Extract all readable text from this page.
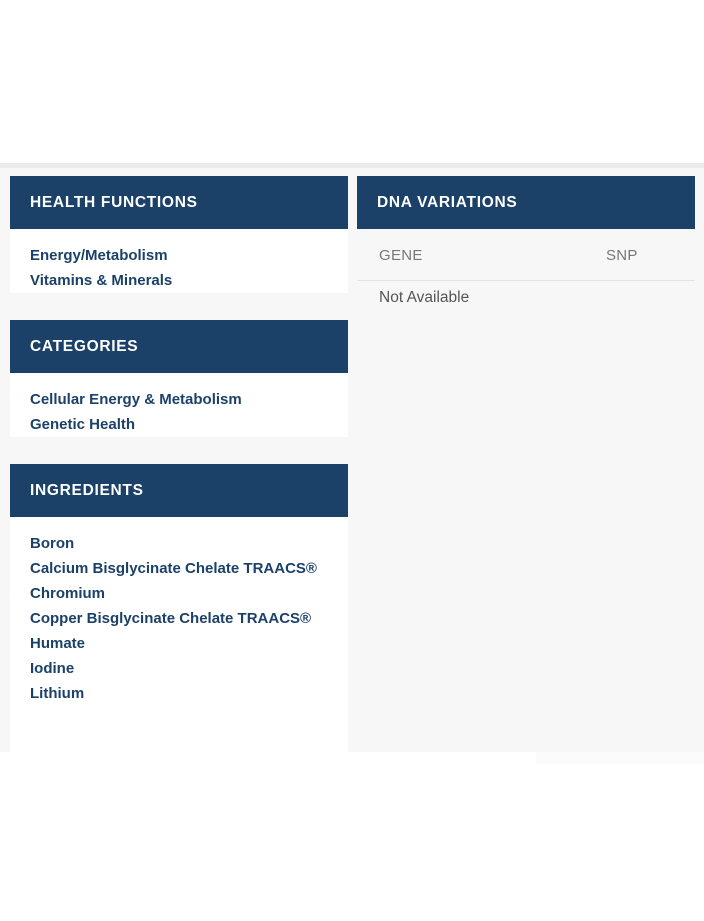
HEALTH FUNCTIONS
Energy/Metabolism
Vitamins & Minerals
CATEGORIES
Cellular Energy & Metabolism
Genetic Health
INGREDIENTS
Boron
Calcium Bisglycinate Chelate TRAACS®
Chromium
Copper Bisglycinate Chelate TRAACS®
Humate
Iodine
Lithium
DNA VARIATIONS
GENE	SNP
Not Available
